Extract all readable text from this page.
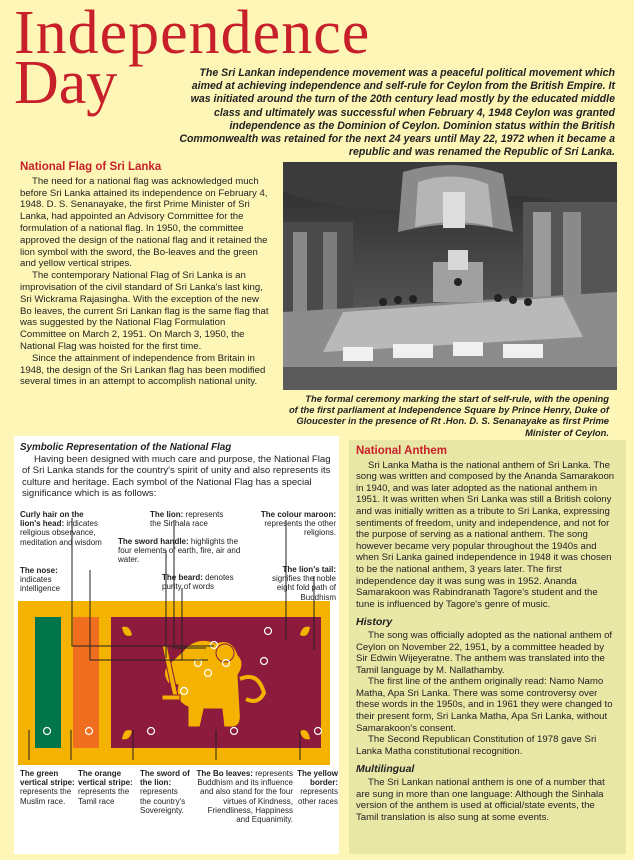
Independence
Day	The Sri Lankan independence movement was a peaceful political movement which aimed at achieving independence and self-rule for Ceylon from the British Empire. It was initiated around the turn of the 20th century lead mostly by the educated middle class and ultimately was successful when February 4, 1948 Ceylon was granted independence as the Dominion of Ceylon. Dominion status within the British Commonwealth was retained for the next 24 years until May 22, 1972 when it became a republic and was renamed the Republic of Sri Lanka.

National Flag of Sri Lanka

The need for a national flag was acknowledged much before Sri Lanka attained its independence on February 4, 1948. D. S. Senanayake, the first Prime Minister of Sri Lanka, had appointed an Advisory Committee for the formulation of a national flag. In 1950, the committee approved the design of the national flag and it retained the lion symbol with the sword, the Bo-leaves and the green and yellow vertical stripes.

The contemporary National Flag of Sri Lanka is an improvisation of the civil standard of Sri Lanka's last king, Sri Wickrama Rajasingha. With the exception of the new Bo leaves, the current Sri Lankan flag is the same flag that was suggested by the National Flag Formulation Committee on March 2, 1951. On March 3, 1950, the National Flag was hoisted for the first time.

Since the attainment of independence from Britain in 1948, the design of the Sri Lankan flag has been modified several times in an attempt to accomplish national unity.

The formal ceremony marking the start of self-rule, with the opening of the first parliament at Independence Square by Prince Henry, Duke of Gloucester in the presence of Rt .Hon. D. S. Senanayake as first Prime Minister of Ceylon.

Symbolic Representation of the National Flag

Having been designed with much care and purpose, the National Flag of Sri Lanka stands for the country's spirit of unity and also represents its culture and heritage. Each symbol of the National Flag has a special significance which is as follows:

Curly hair on the lion's head: indicates religious observance, meditation and wisdom
The nose: indicates intelligence
The lion: represents the Sinhala race
The sword handle: highlights the four elements of earth, fire, air and water.
The beard: denotes purity of words
The colour maroon: represents the other religions.
The lion's tail: signifies the noble eight fold path of Buddhism
The green vertical stripe: represents the Muslim race.
The orange vertical stripe: represents the Tamil race
The sword of the lion: represents the country's Sovereignty.
The Bo leaves: represents Buddhism and its influence and also stand for the four virtues of Kindness, Friendliness, Happiness and Equanimity.
The yellow border: represents other races
National Anthem

Sri Lanka Matha is the national anthem of Sri Lanka. The song was written and composed by the Ananda Samarakoon in 1940, and was later adopted as the national anthem in 1951. It was written when Sri Lanka was still a British colony and was initially written as a tribute to Sri Lanka, expressing sentiments of freedom, unity and independence, and not for the purpose of serving as a national anthem. The song however became very popular throughout the 1940s and when Sri Lanka gained independence in 1948 it was chosen to be the national anthem, 3 years later. The first independence day it was sung was in 1952. Ananda Samarakoon was Rabindranath Tagore's student and the tune is influenced by Tagore's genre of music.

History

The song was officially adopted as the national anthem of Ceylon on November 22, 1951, by a committee headed by Sir Edwin Wijeyeratne. The anthem was translated into the Tamil language by M. Nallathamby.

The first line of the anthem originally read: Namo Namo Matha, Apa Sri Lanka. There was some controversy over these words in the 1950s, and in 1961 they were changed to their present form, Sri Lanka Matha, Apa Sri Lanka, without Samarakoon's consent.

The Second Republican Constitution of 1978 gave Sri Lanka Matha constitutional recognition.

Multilingual

The Sri Lankan national anthem is one of a number that are sung in more than one language: Although the Sinhala version of the anthem is used at official/state events, the Tamil translation is also sung at some events.
